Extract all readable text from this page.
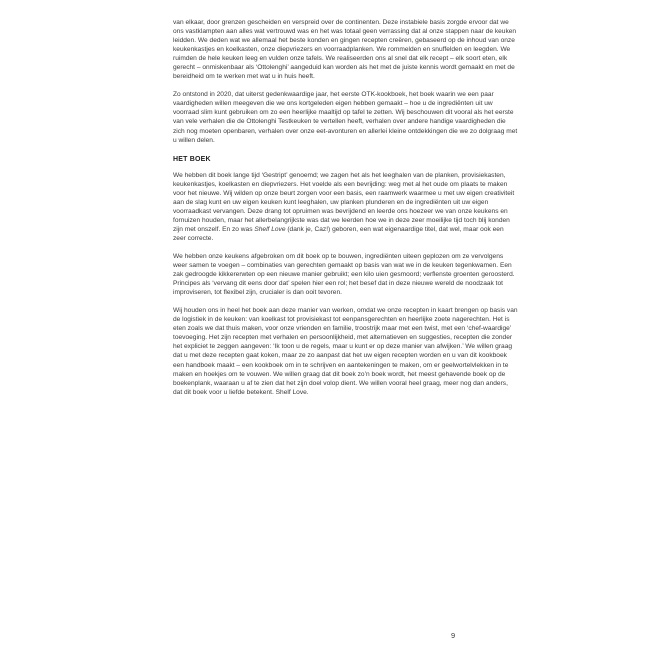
van elkaar, door grenzen gescheiden en verspreid over de continenten. Deze instabiele basis zorgde ervoor dat we ons vastklampten aan alles wat vertrouwd was en het was totaal geen verrassing dat al onze stappen naar de keuken leidden. We deden wat we allemaal het beste konden en gingen recepten creëren, gebaseerd op de inhoud van onze keukenkastjes en koelkasten, onze diepvriezers en voorraadplanken. We rommelden en snuffelden en leegden. We ruimden de hele keuken leeg en vulden onze tafels. We realiseerden ons al snel dat elk recept – elk soort eten, elk gerecht – onmiskenbaar als ‘Ottolenghi’ aangeduid kan worden als het met de juiste kennis wordt gemaakt en met de bereidheid om te werken met wat u in huis heeft.

Zo ontstond in 2020, dat uiterst gedenkwaardige jaar, het eerste OTK-kookboek, het boek waarin we een paar vaardigheden willen meegeven die we ons kortgeleden eigen hebben gemaakt – hoe u de ingrediënten uit uw voorraad slim kunt gebruiken om zo een heerlijke maaltijd op tafel te zetten. Wij beschouwen dit vooral als het eerste van vele verhalen die de Ottolenghi Testkeuken te vertellen heeft, verhalen over andere handige vaardigheden die zich nog moeten openbaren, verhalen over onze eet-avonturen en allerlei kleine ontdekkingen die we zo dolgraag met u willen delen.

HET BOEK

We hebben dit boek lange tijd ‘Gestript’ genoemd; we zagen het als het leeghalen van de planken, provisiekasten, keukenkastjes, koelkasten en diepvriezers. Het voelde als een bevrijding: weg met al het oude om plaats te maken voor het nieuwe. Wij wilden op onze beurt zorgen voor een basis, een raamwerk waarmee u met uw eigen creativiteit aan de slag kunt en uw eigen keuken kunt leeghalen, uw planken plunderen en de ingrediënten uit uw eigen voorraadkast vervangen. Deze drang tot opruimen was bevrijdend en leerde ons hoezeer we van onze keukens en fornuizen houden, maar het allerbelangrijkste was dat we leerden hoe we in deze zeer moeilijke tijd toch blij konden zijn met onszelf. En zo was Shelf Love (dank je, Caz!) geboren, een wat eigenaardige titel, dat wel, maar ook een zeer correcte.

We hebben onze keukens afgebroken om dit boek op te bouwen, ingrediënten uiteen geplozen om ze vervolgens weer samen te voegen – combinaties van gerechten gemaakt op basis van wat we in de keuken tegenkwamen. Een zak gedroogde kikkererwten op een nieuwe manier gebruikt; een kilo uien gesmoord; verflenste groenten geroosterd. Principes als ‘vervang dit eens door dat’ spelen hier een rol; het besef dat in deze nieuwe wereld de noodzaak tot improviseren, tot flexibel zijn, crucialer is dan ooit tevoren.

Wij houden ons in heel het boek aan deze manier van werken, omdat we onze recepten in kaart brengen op basis van de logistiek in de keuken: van koelkast tot provisiekast tot eenpansgerechten en heerlijke zoete nagerechten. Het is eten zoals we dat thuis maken, voor onze vrienden en familie, troostrijk maar met een twist, met een ‘chef-waardige’ toevoeging. Het zijn recepten met verhalen en persoonlijkheid, met alternatieven en suggesties, recepten die zonder het expliciet te zeggen aangeven: ‘Ik toon u de regels, maar u kunt er op deze manier van afwijken.’ We willen graag dat u met deze recepten gaat koken, maar ze zo aanpast dat het uw eigen recepten worden en u van dit kookboek een handboek maakt – een kookboek om in te schrijven en aantekeningen te maken, om er geelwortelvlekken in te maken en hoekjes om te vouwen. We willen graag dat dit boek zo’n boek wordt, het meest gehavende boek op de boekenplank, waaraan u af te zien dat het zijn doel volop dient. We willen vooral heel graag, meer nog dan anders, dat dit boek voor u liefde betekent. Shelf Love.

9
